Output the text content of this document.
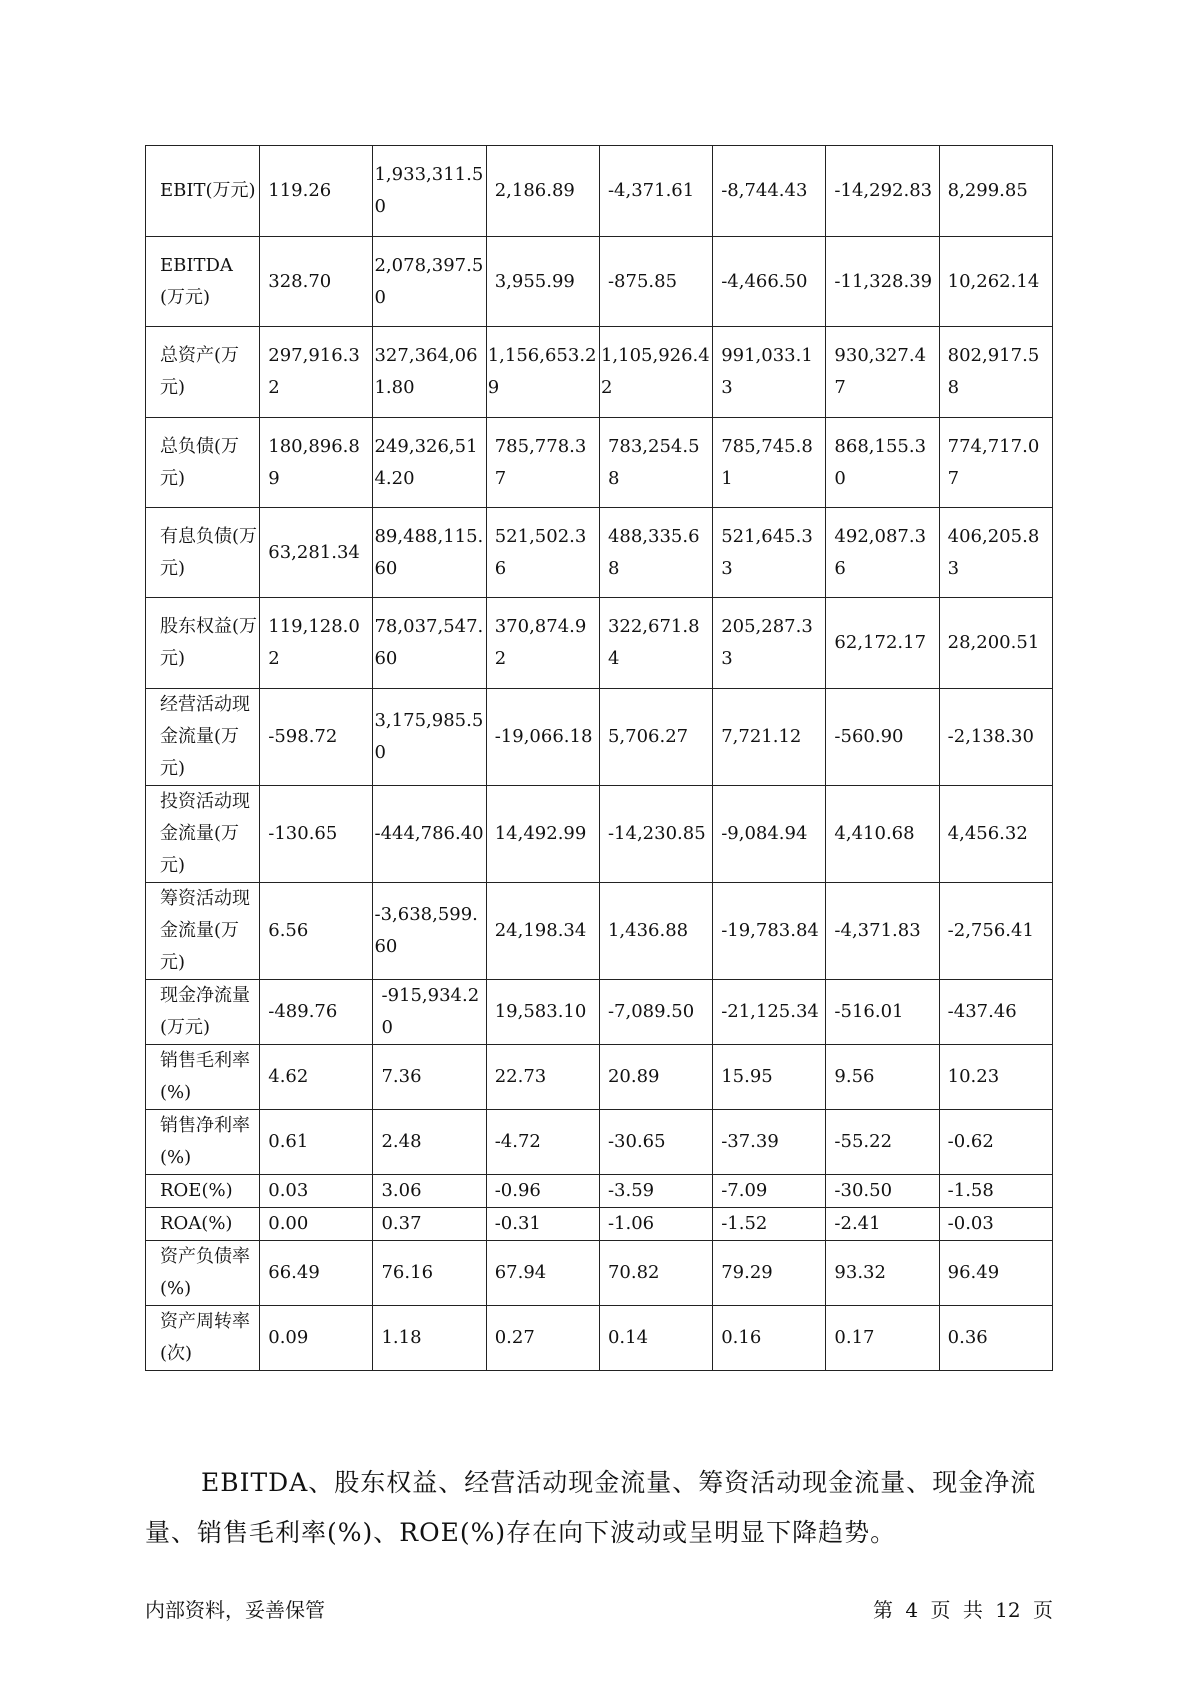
EBIT(万元)	119.26	1,933,311.50	2,186.89	-4,371.61	-8,744.43	-14,292.83	8,299.85
EBITDA(万元)	328.70	2,078,397.50	3,955.99	-875.85	-4,466.50	-11,328.39	10,262.14
总资产(万元)	297,916.32	327,364,061.80	1,156,653.29	1,105,926.42	991,033.13	930,327.47	802,917.58
总负债(万元)	180,896.89	249,326,514.20	785,778.37	783,254.58	785,745.81	868,155.30	774,717.07
有息负债(万元)	63,281.34	89,488,115.60	521,502.36	488,335.68	521,645.33	492,087.36	406,205.83
股东权益(万元)	119,128.02	78,037,547.60	370,874.92	322,671.84	205,287.33	62,172.17	28,200.51
经营活动现金流量(万元)	-598.72	3,175,985.50	-19,066.18	5,706.27	7,721.12	-560.90	-2,138.30
投资活动现金流量(万元)	-130.65	-444,786.40	14,492.99	-14,230.85	-9,084.94	4,410.68	4,456.32
筹资活动现金流量(万元)	6.56	-3,638,599.60	24,198.34	1,436.88	-19,783.84	-4,371.83	-2,756.41
现金净流量(万元)	-489.76	-915,934.20	19,583.10	-7,089.50	-21,125.34	-516.01	-437.46
销售毛利率(%)	4.62	7.36	22.73	20.89	15.95	9.56	10.23
销售净利率(%)	0.61	2.48	-4.72	-30.65	-37.39	-55.22	-0.62
ROE(%)	0.03	3.06	-0.96	-3.59	-7.09	-30.50	-1.58
ROA(%)	0.00	0.37	-0.31	-1.06	-1.52	-2.41	-0.03
资产负债率(%)	66.49	76.16	67.94	70.82	79.29	93.32	96.49
资产周转率(次)	0.09	1.18	0.27	0.14	0.16	0.17	0.36
EBITDA、股东权益、经营活动现金流量、筹资活动现金流量、现金净流量、销售毛利率(%)、ROE(%)存在向下波动或呈明显下降趋势。
内部资料，妥善保管	第 4 页 共 12 页
